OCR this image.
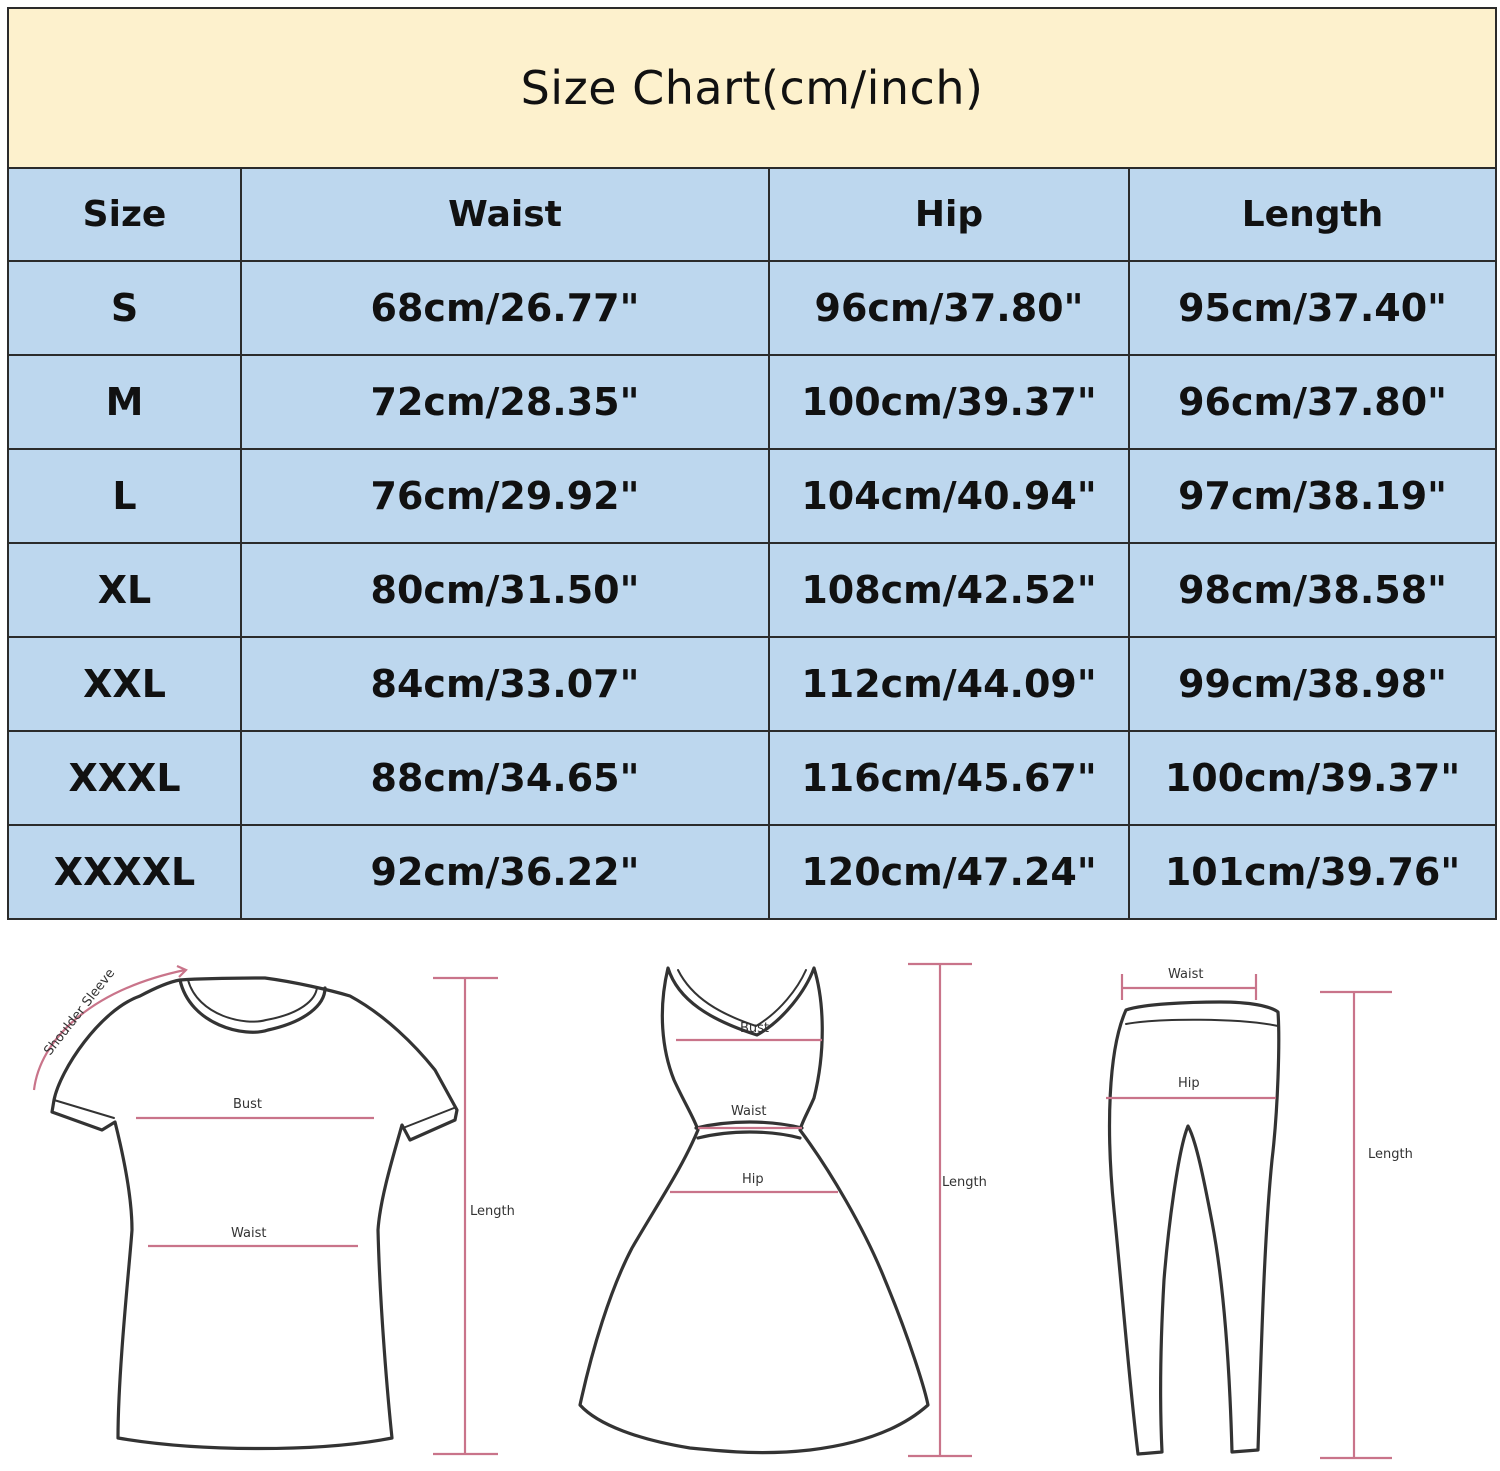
Size Chart(cm/inch)			
Size	Waist	Hip	Length
S	68cm/26.77"	96cm/37.80"	95cm/37.40"
M	72cm/28.35"	100cm/39.37"	96cm/37.80"
L	76cm/29.92"	104cm/40.94"	97cm/38.19"
XL	80cm/31.50"	108cm/42.52"	98cm/38.58"
XXL	84cm/33.07"	112cm/44.09"	99cm/38.98"
XXXL	88cm/34.65"	116cm/45.67"	100cm/39.37"
XXXXL	92cm/36.22"	120cm/47.24"	101cm/39.76"
Shoulder Sleeve
Bust
Waist
Length
Bust
Waist
Hip	Length
Waist
Hip
Length
